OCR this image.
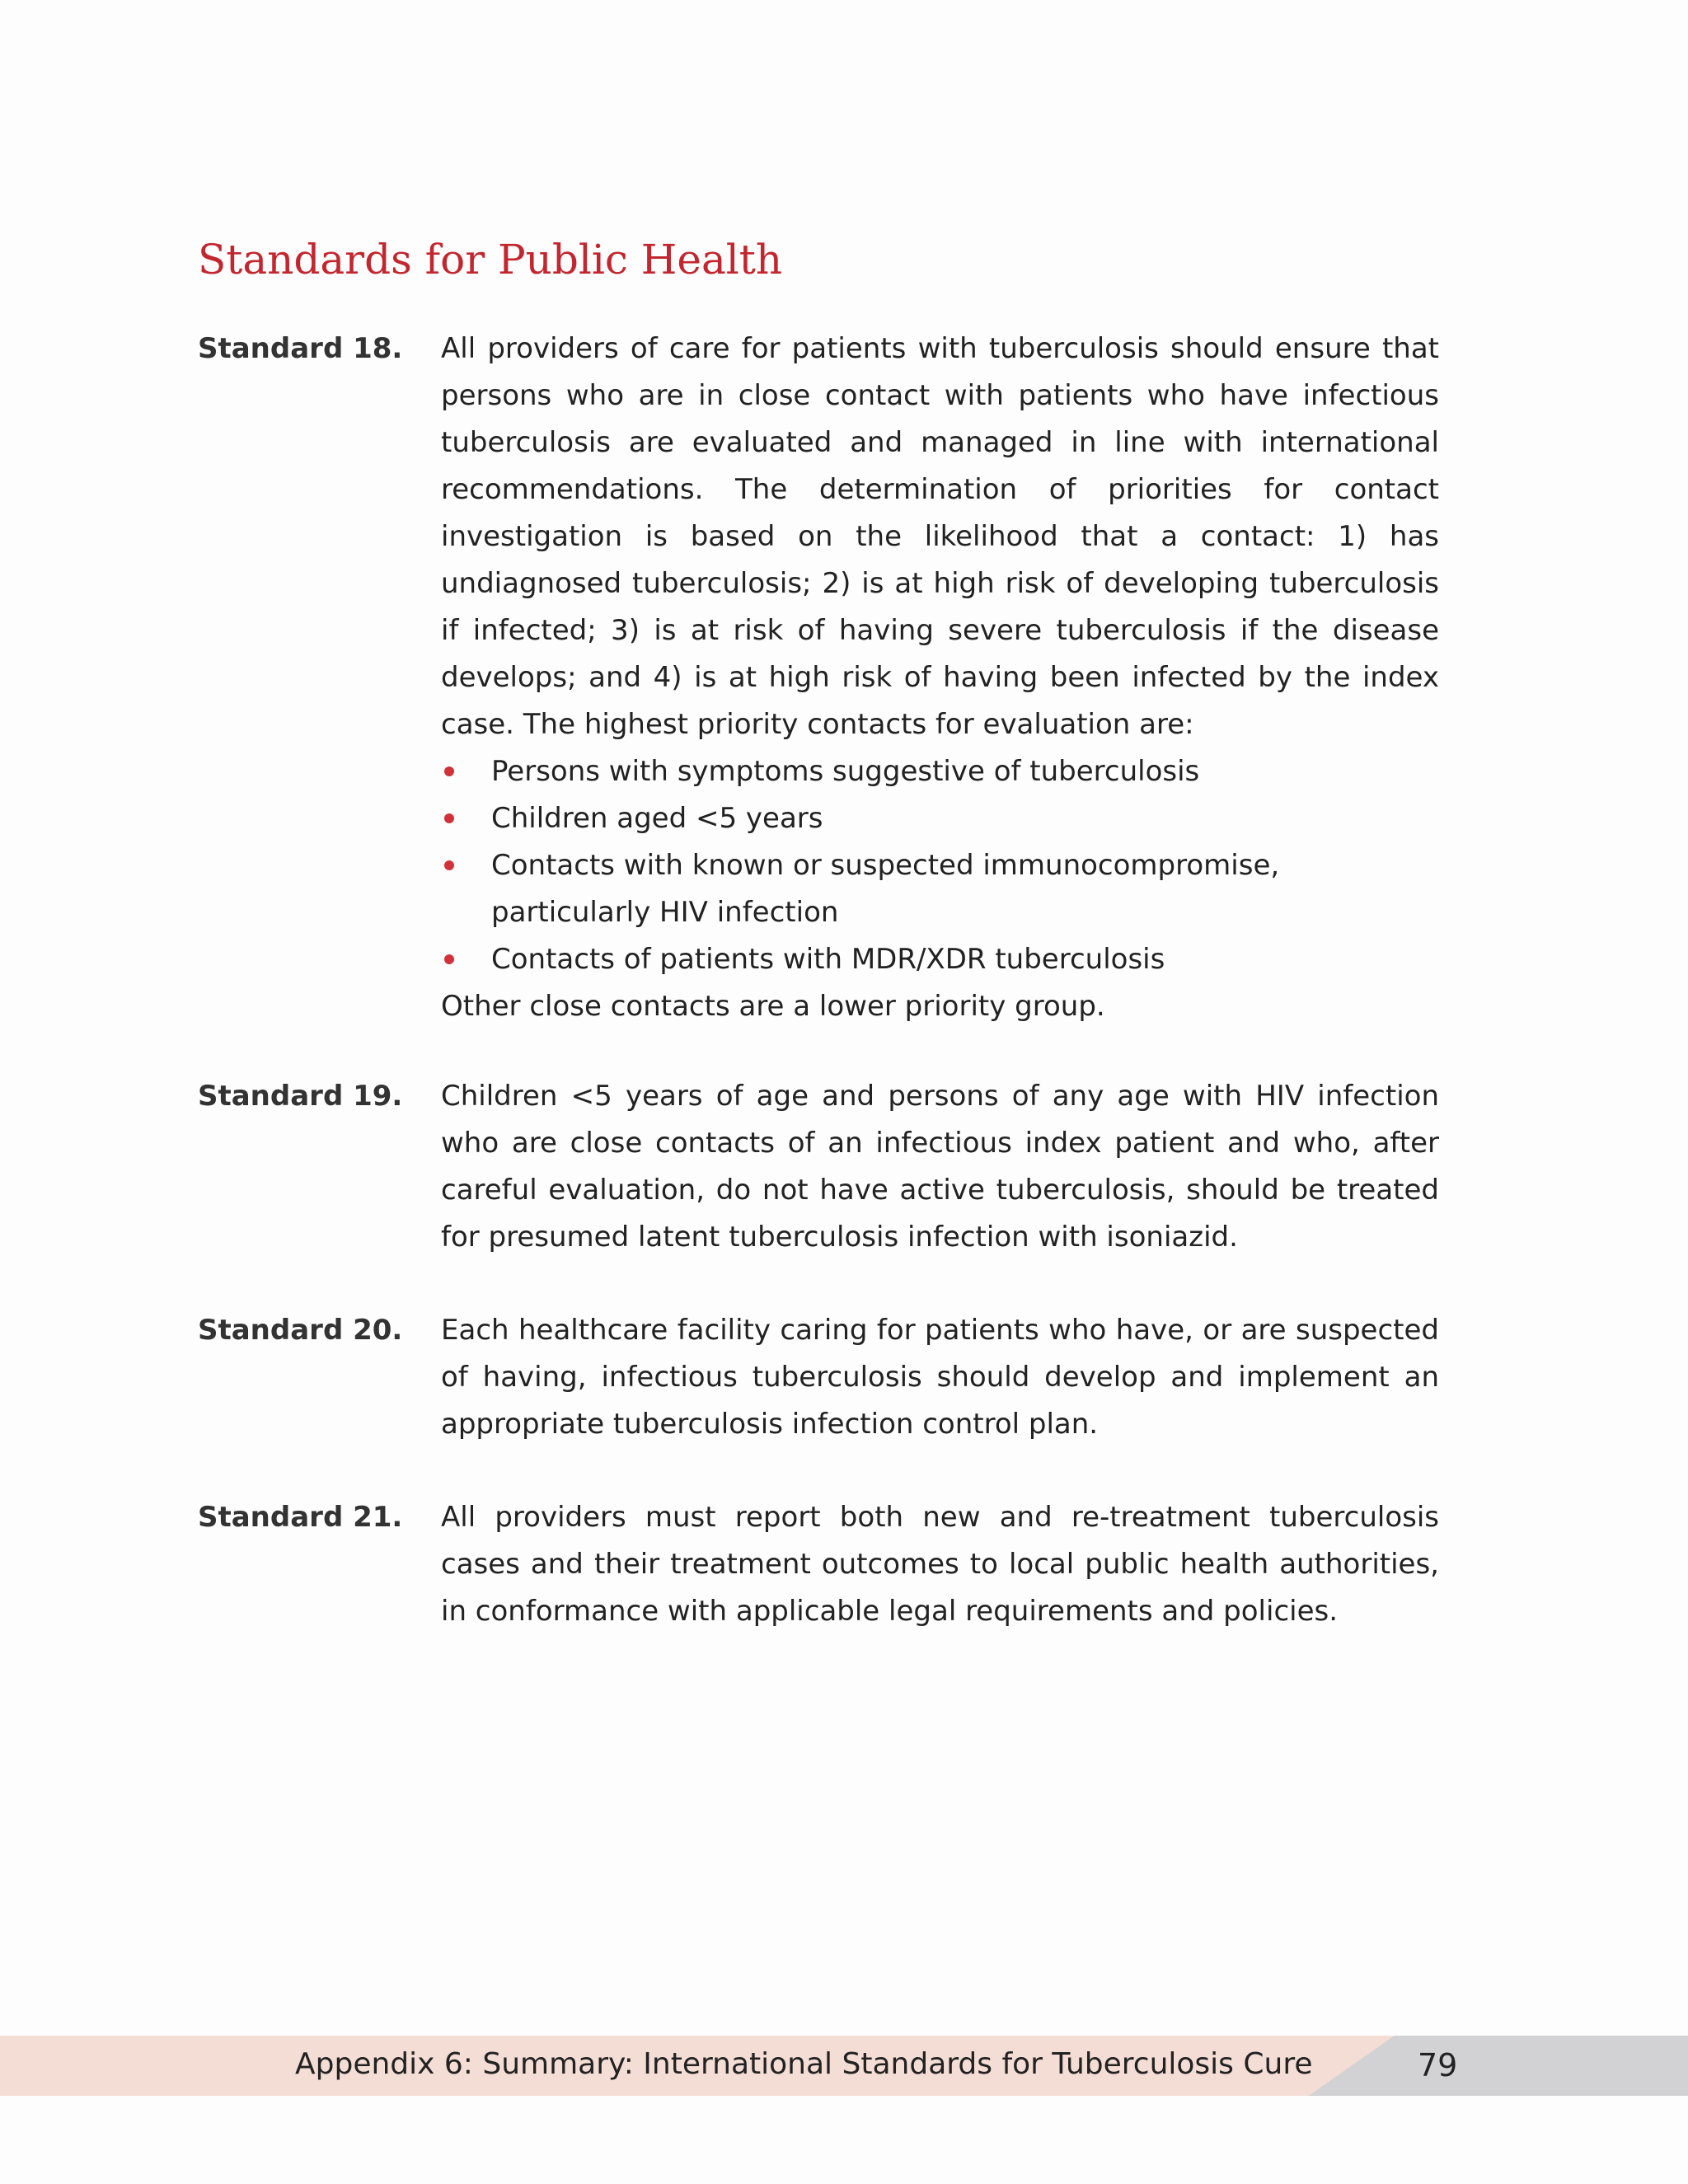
Standards for Public Health
Standard 18. All providers of care for patients with tuberculosis should ensure that persons who are in close contact with patients who have infectious tuberculosis are evaluated and managed in line with international recommendations. The determination of priorities for contact investigation is based on the likelihood that a contact: 1) has undiagnosed tuberculosis; 2) is at high risk of developing tuberculosis if infected; 3) is at risk of having severe tuberculosis if the disease develops; and 4) is at high risk of having been infected by the index case. The highest priority contacts for evaluation are:

Persons with symptoms suggestive of tuberculosis
Children aged <5 years
Contacts with known or suspected immunocompromise, particularly HIV infection
Contacts of patients with MDR/XDR tuberculosis

Other close contacts are a lower priority group.

Standard 19. Children <5 years of age and persons of any age with HIV infection who are close contacts of an infectious index patient and who, after careful evaluation, do not have active tuberculosis, should be treated for presumed latent tuberculosis infection with isoniazid.

Standard 20. Each healthcare facility caring for patients who have, or are suspected of having, infectious tuberculosis should develop and implement an appropriate tuberculosis infection control plan.

Standard 21. All providers must report both new and re-treatment tuberculosis cases and their treatment outcomes to local public health authorities, in conformance with applicable legal requirements and policies.

Appendix 6: Summary: International Standards for Tuberculosis Cure	79
